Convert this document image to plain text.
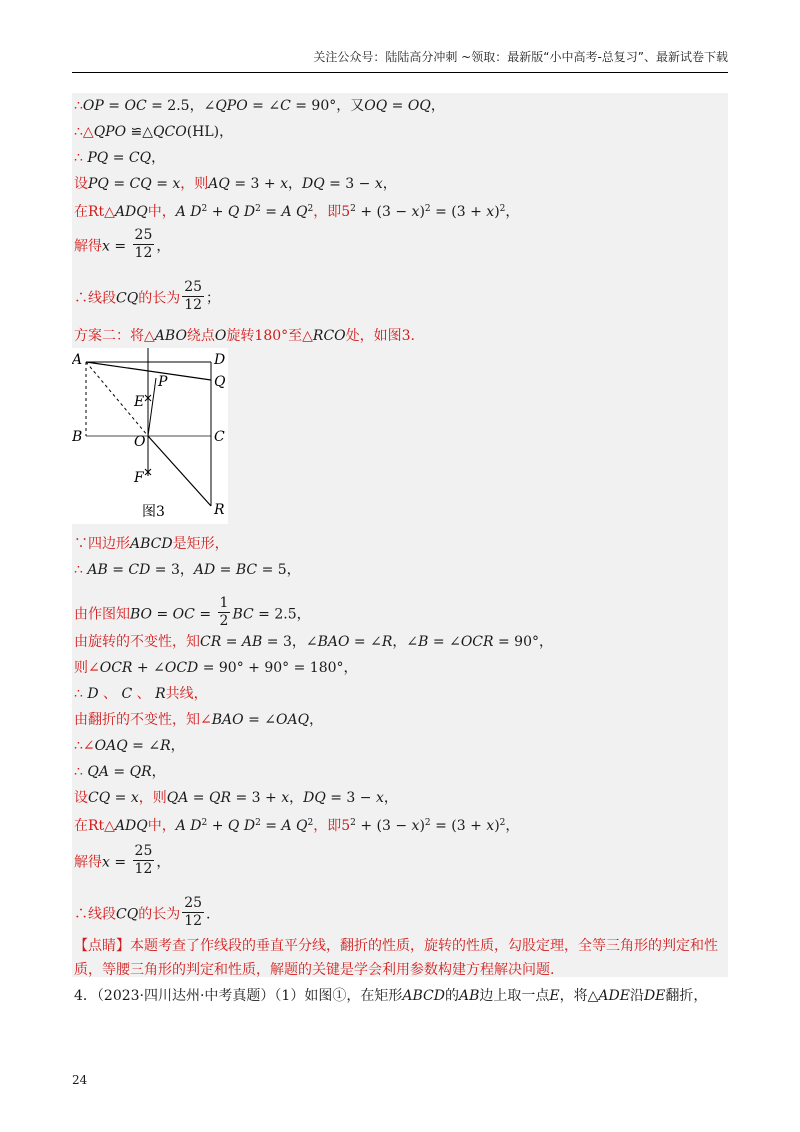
关注公众号：陆陆高分冲刺 ~领取：最新版“小中高考-总复习”、最新试卷下载
∴OP = OC = 2.5，∠QPO = ∠C = 90°，又OQ = OQ，
∴△QPO ≌△QCO(HL)，
∴ PQ = CQ，
设PQ = CQ = x，则AQ = 3 + x，DQ = 3 − x，
在Rt△ADQ中，A $D^2 + Q$ $D^2 = A$ $Q^2$，即$5^2 + (3 - x)^2 = (3 + x)^2$，
解得$x = \frac{25}{12}$ ，
∴线段CQ的长为 $\frac{25}{12}$ ；
方案二：将△ABO绕点O旋转180°至△RCO处，如图3.
A	D
P	Q
E
B	O	C
F
R
图3
∵四边形ABCD是矩形，
∴ AB = CD = 3，AD = BC = 5，
由作图知BO = OC = $\frac{1}{2}$ BC = 2.5，
由旋转的不变性，知CR = AB = 3，∠BAO = ∠R，∠B = ∠OCR = 90°，
则∠OCR + ∠OCD = 90° + 90° = 180°，
∴ D 、 C 、 R共线，
由翻折的不变性，知∠BAO = ∠OAQ，
∴∠OAQ = ∠R，
∴ QA = QR，
设CQ = x，则QA = QR = 3 + x，DQ = 3 − x，
在Rt△ADQ中，A $D^2 + Q$ $D^2 = A$ $Q^2$，即$5^2 + (3 - x)^2 = (3 + x)^2$，
解得$x = \frac{25}{12}$ ，
∴线段CQ的长为 $\frac{25}{12}$ .
【点睛】本题考查了作线段的垂直平分线，翻折的性质，旋转的性质，勾股定理，全等三角形的判定和性
质，等腰三角形的判定和性质，解题的关键是学会利用参数构建方程解决问题.
4．（2023·四川达州·中考真题）（1）如图①，在矩形ABCD的AB边上取一点E，将△ADE沿DE翻折，
24
